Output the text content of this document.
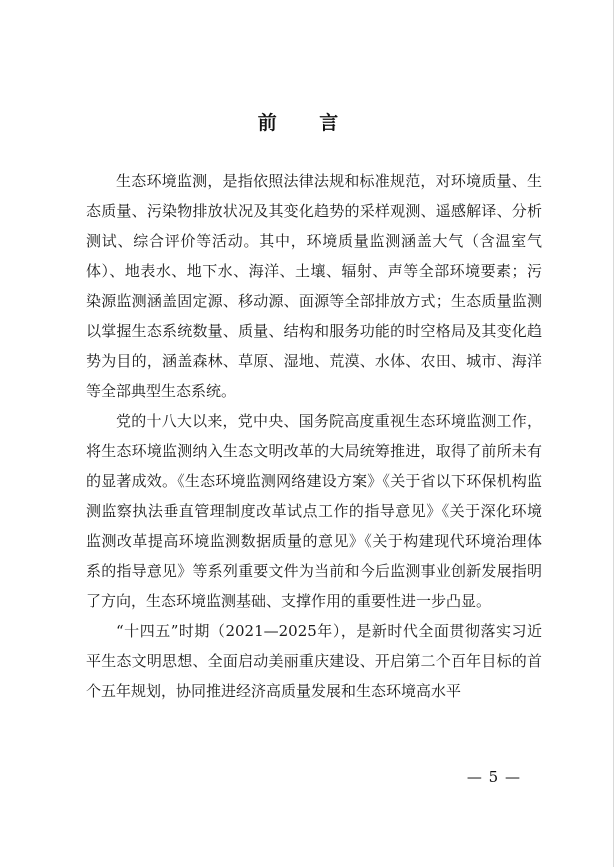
前 言

生态环境监测，是指依照法律法规和标准规范，对环境质量、生态质量、污染物排放状况及其变化趋势的采样观测、遥感解译、分析测试、综合评价等活动。其中，环境质量监测涵盖大气（含温室气体）、地表水、地下水、海洋、土壤、辐射、声等全部环境要素；污染源监测涵盖固定源、移动源、面源等全部排放方式；生态质量监测以掌握生态系统数量、质量、结构和服务功能的时空格局及其变化趋势为目的，涵盖森林、草原、湿地、荒漠、水体、农田、城市、海洋等全部典型生态系统。

党的十八大以来，党中央、国务院高度重视生态环境监测工作，将生态环境监测纳入生态文明改革的大局统筹推进，取得了前所未有的显著成效。《生态环境监测网络建设方案》《关于省以下环保机构监测监察执法垂直管理制度改革试点工作的指导意见》《关于深化环境监测改革提高环境监测数据质量的意见》《关于构建现代环境治理体系的指导意见》等系列重要文件为当前和今后监测事业创新发展指明了方向，生态环境监测基础、支撑作用的重要性进一步凸显。

“十四五”时期（2021—2025年），是新时代全面贯彻落实习近平生态文明思想、全面启动美丽重庆建设、开启第二个百年目标的首个五年规划，协同推进经济高质量发展和生态环境高水平

— 5 —
